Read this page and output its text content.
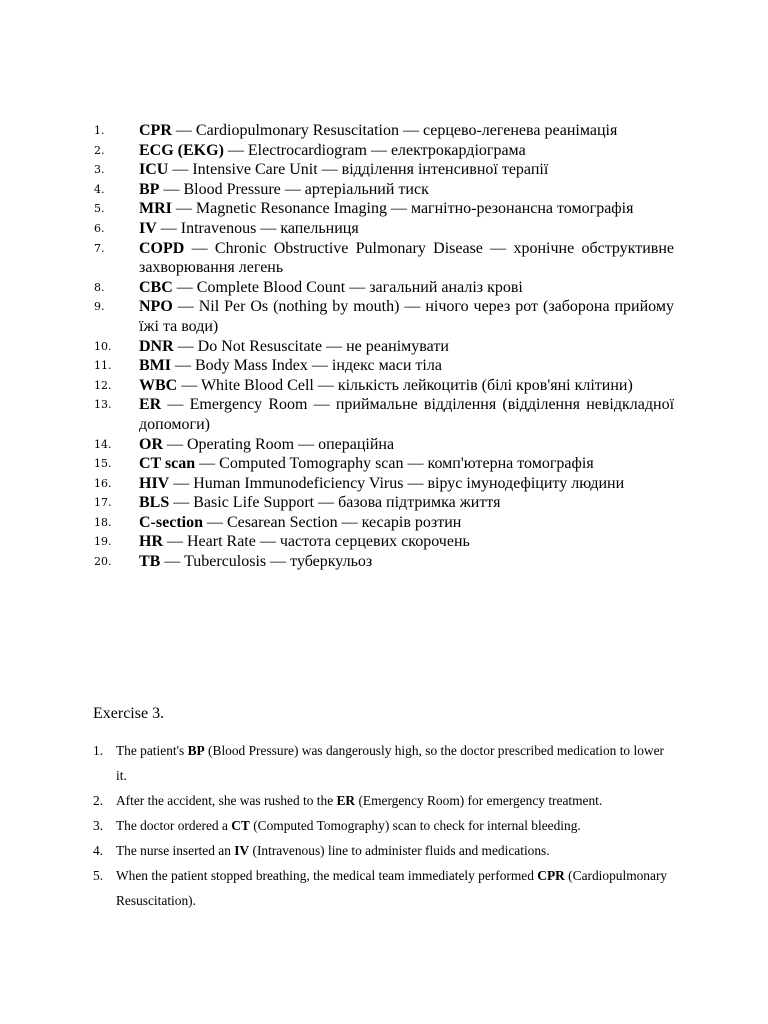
1.	CPR — Cardiopulmonary Resuscitation — серцево-легенева реанімація
2.	ECG (EKG) — Electrocardiogram — електрокардіограма
3.	ICU — Intensive Care Unit — відділення інтенсивної терапії
4.	BP — Blood Pressure — артеріальний тиск
5.	MRI — Magnetic Resonance Imaging — магнітно-резонансна томографія
6.	IV — Intravenous — капельниця
7.	COPD — Chronic Obstructive Pulmonary Disease — хронічне обструктивне захворювання легень
8.	CBC — Complete Blood Count — загальний аналіз крові
9.	NPO — Nil Per Os (nothing by mouth) — нічого через рот (заборона прийому їжі та води)
10.	DNR — Do Not Resuscitate — не реанімувати
11.	BMI — Body Mass Index — індекс маси тіла
12.	WBC — White Blood Cell — кількість лейкоцитів (білі кров'яні клітини)
13.	ER — Emergency Room — приймальне відділення (відділення невідкладної допомоги)
14.	OR — Operating Room — операційна
15.	CT scan — Computed Tomography scan — комп'ютерна томографія
16.	HIV — Human Immunodeficiency Virus — вірус імунодефіциту людини
17.	BLS — Basic Life Support — базова підтримка життя
18.	C-section — Cesarean Section — кесарів розтин
19.	HR — Heart Rate — частота серцевих скорочень
20.	TB — Tuberculosis — туберкульоз
Exercise 3.
1. The patient's BP (Blood Pressure) was dangerously high, so the doctor prescribed medication to lower it.
2. After the accident, she was rushed to the ER (Emergency Room) for emergency treatment.
3. The doctor ordered a CT (Computed Tomography) scan to check for internal bleeding.
4. The nurse inserted an IV (Intravenous) line to administer fluids and medications.
5. When the patient stopped breathing, the medical team immediately performed CPR (Cardiopulmonary Resuscitation).
